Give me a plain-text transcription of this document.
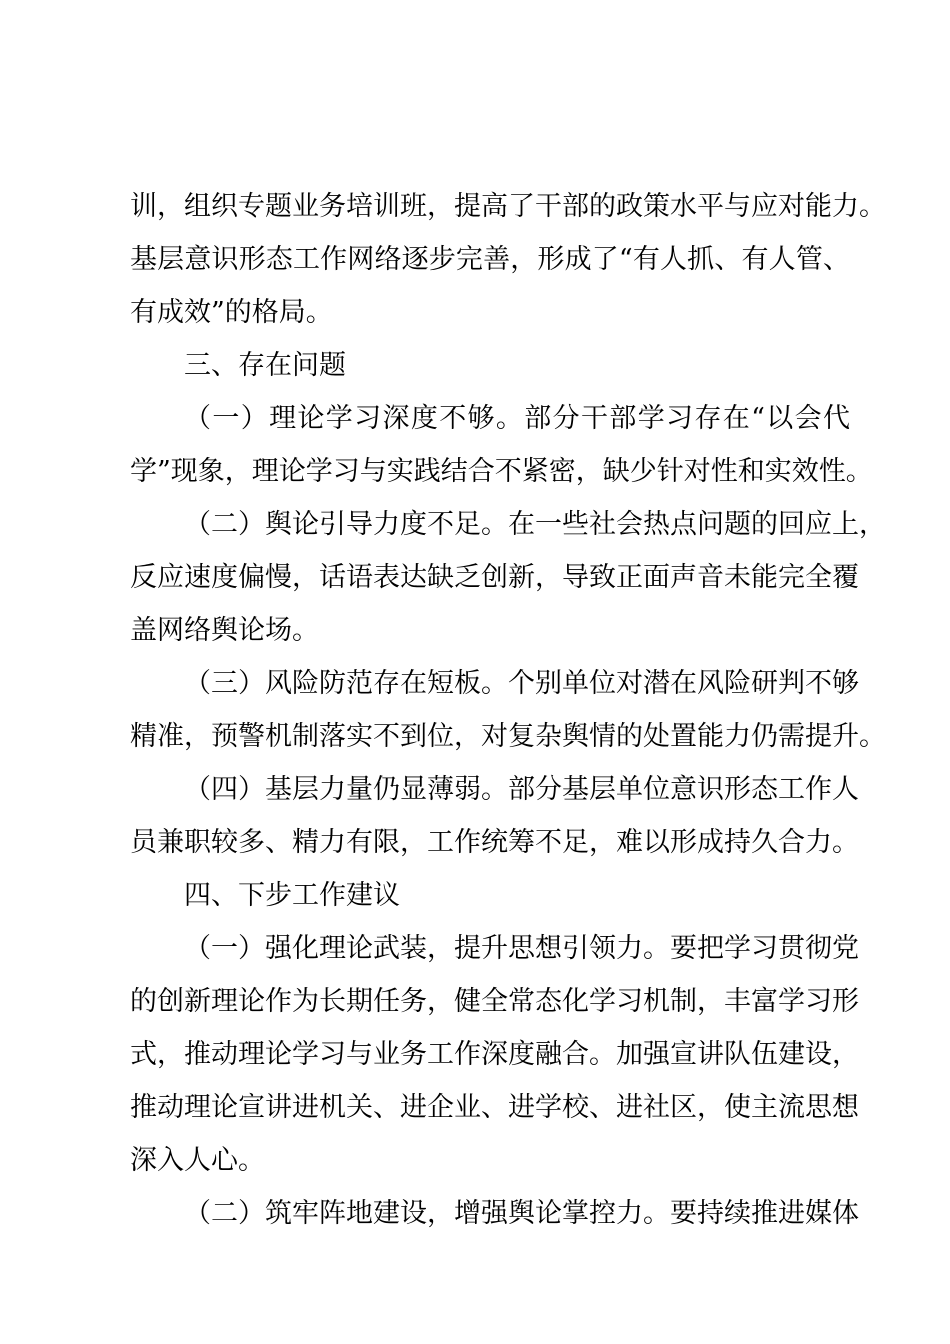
训，组织专题业务培训班，提高了干部的政策水平与应对能力。
基层意识形态工作网络逐步完善，形成了“有人抓、有人管、
有成效”的格局。
三、存在问题
（一）理论学习深度不够。部分干部学习存在“以会代
学”现象，理论学习与实践结合不紧密，缺少针对性和实效性。
（二）舆论引导力度不足。在一些社会热点问题的回应上，
反应速度偏慢，话语表达缺乏创新，导致正面声音未能完全覆
盖网络舆论场。
（三）风险防范存在短板。个别单位对潜在风险研判不够
精准，预警机制落实不到位，对复杂舆情的处置能力仍需提升。
（四）基层力量仍显薄弱。部分基层单位意识形态工作人
员兼职较多、精力有限，工作统筹不足，难以形成持久合力。
四、下步工作建议
（一）强化理论武装，提升思想引领力。要把学习贯彻党
的创新理论作为长期任务，健全常态化学习机制，丰富学习形
式，推动理论学习与业务工作深度融合。加强宣讲队伍建设，
推动理论宣讲进机关、进企业、进学校、进社区，使主流思想
深入人心。
（二）筑牢阵地建设，增强舆论掌控力。要持续推进媒体
